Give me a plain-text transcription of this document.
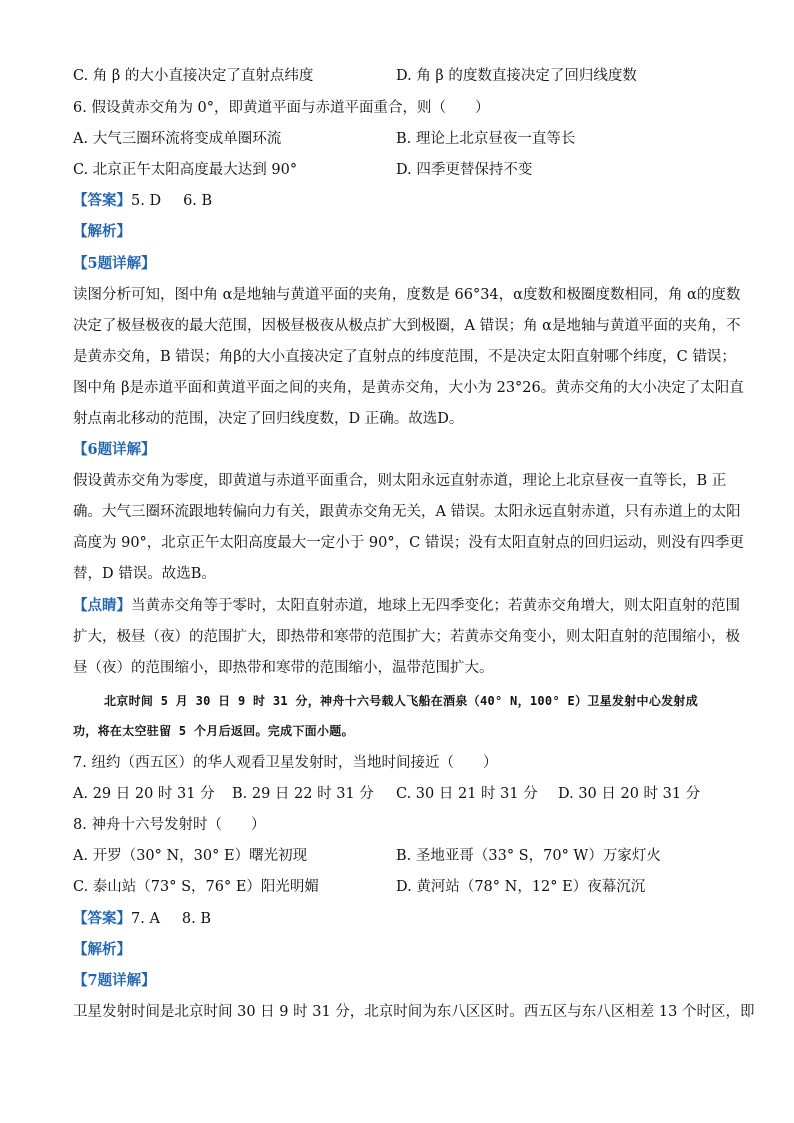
C. 角 β 的大小直接决定了直射点纬度	D. 角 β 的度数直接决定了回归线度数
6. 假设黄赤交角为 0°，即黄道平面与赤道平面重合，则（　　）
A. 大气三圈环流将变成单圈环流	B. 理论上北京昼夜一直等长
C. 北京正午太阳高度最大达到 90°	D. 四季更替保持不变
【答案】5. D 6. B
【解析】
【5题详解】
读图分析可知，图中角 α是地轴与黄道平面的夹角，度数是 66°34，α度数和极圈度数相同，角 α的度数
决定了极昼极夜的最大范围，因极昼极夜从极点扩大到极圈，A 错误；角 α是地轴与黄道平面的夹角，不
是黄赤交角，B 错误；角β的大小直接决定了直射点的纬度范围，不是决定太阳直射哪个纬度，C 错误；
图中角 β是赤道平面和黄道平面之间的夹角，是黄赤交角，大小为 23°26。黄赤交角的大小决定了太阳直
射点南北移动的范围，决定了回归线度数，D 正确。故选D。
【6题详解】
假设黄赤交角为零度，即黄道与赤道平面重合，则太阳永远直射赤道，理论上北京昼夜一直等长，B 正
确。大气三圈环流跟地转偏向力有关，跟黄赤交角无关，A 错误。太阳永远直射赤道，只有赤道上的太阳
高度为 90°，北京正午太阳高度最大一定小于 90°，C 错误；没有太阳直射点的回归运动，则没有四季更
替，D 错误。故选B。
【点睛】当黄赤交角等于零时，太阳直射赤道，地球上无四季变化；若黄赤交角增大，则太阳直射的范围
扩大，极昼（夜）的范围扩大，即热带和寒带的范围扩大；若黄赤交角变小，则太阳直射的范围缩小，极
昼（夜）的范围缩小，即热带和寒带的范围缩小，温带范围扩大。
北京时间 5 月 30 日 9 时 31 分，神舟十六号载人飞船在酒泉（40° N，100° E）卫星发射中心发射成
功，将在太空驻留 5 个月后返回。完成下面小题。
7. 纽约（西五区）的华人观看卫星发射时，当地时间接近（　　）
A. 29 日 20 时 31 分 B. 29 日 22 时 31 分 C. 30 日 21 时 31 分 D. 30 日 20 时 31 分
8. 神舟十六号发射时（　　）
A. 开罗（30° N，30° E）曙光初现	B. 圣地亚哥（33° S，70° W）万家灯火
C. 泰山站（73° S，76° E）阳光明媚	D. 黄河站（78° N，12° E）夜幕沉沉
【答案】7. A 8. B
【解析】
【7题详解】
卫星发射时间是北京时间 30 日 9 时 31 分，北京时间为东八区区时。西五区与东八区相差 13 个时区，即
